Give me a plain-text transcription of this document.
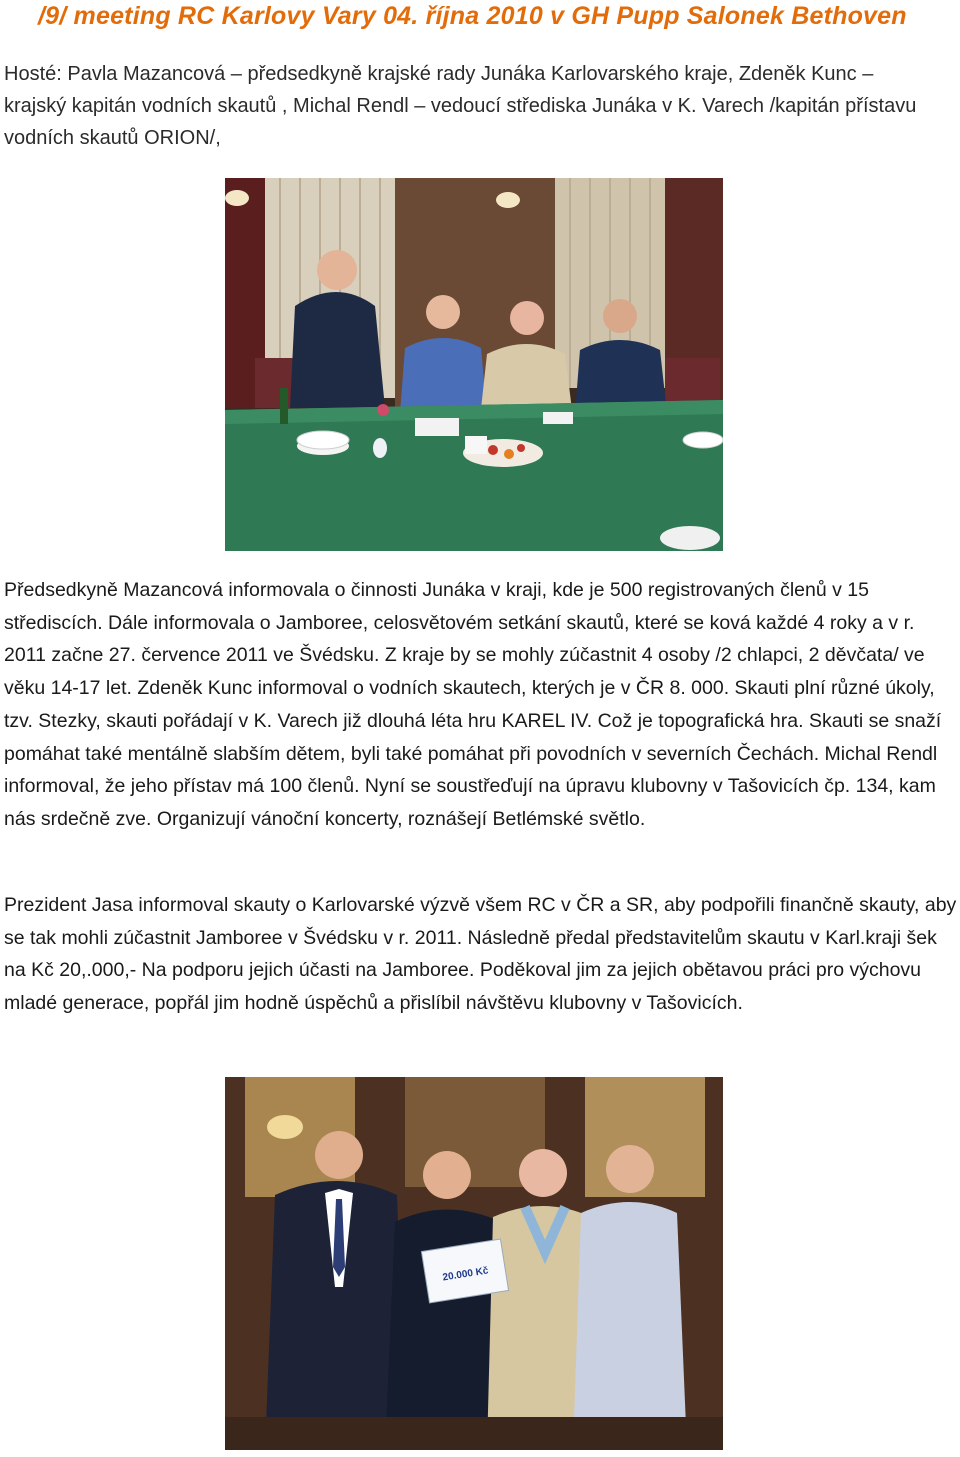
/9/ meeting RC Karlovy Vary 04. října 2010 v GH Pupp Salonek Bethoven
Hosté: Pavla Mazancová – předsedkyně krajské rady Junáka Karlovarského kraje, Zdeněk Kunc – krajský kapitán vodních skautů , Michal Rendl – vedoucí střediska Junáka v K. Varech /kapitán přístavu vodních skautů ORION/,
Předsedkyně Mazancová informovala o činnosti Junáka v kraji, kde je 500 registrovaných členů v 15 střediscích. Dále informovala o Jamboree, celosvětovém setkání skautů, které se ková každé 4 roky a v r. 2011 začne 27. července 2011 ve Švédsku. Z kraje by se mohly zúčastnit 4 osoby /2 chlapci, 2 děvčata/ ve věku 14-17 let. Zdeněk Kunc informoval o vodních skautech, kterých je v ČR 8. 000. Skauti plní různé úkoly, tzv. Stezky, skauti pořádají v K. Varech již dlouhá léta hru KAREL IV. Což je topografická hra. Skauti se snaží pomáhat také mentálně slabším dětem, byli také pomáhat při povodních v severních Čechách. Michal Rendl informoval, že jeho přístav má 100 členů. Nyní se soustřeďují na úpravu klubovny v Tašovicích čp. 134, kam nás srdečně zve. Organizují vánoční koncerty, roznášejí Betlémské světlo.
Prezident Jasa informoval skauty o Karlovarské výzvě všem RC v ČR a SR, aby podpořili finančně skauty, aby se tak mohli zúčastnit Jamboree v Švédsku v r. 2011. Následně předal představitelům skautu v Karl.kraji šek na Kč 20,.000,- Na podporu jejich účasti na Jamboree. Poděkoval jim za jejich obětavou práci pro výchovu mladé generace, popřál jim hodně úspěchů a přislíbil návštěvu klubovny v Tašovicích.
20.000 Kč
